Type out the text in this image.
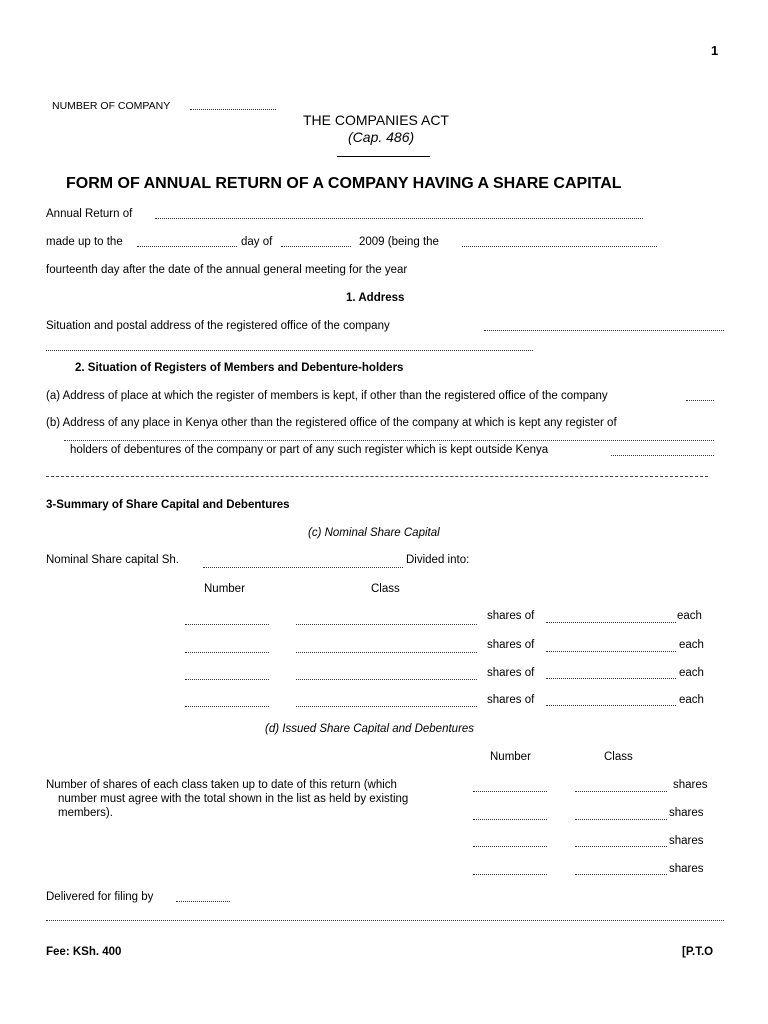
1
NUMBER OF COMPANY
THE COMPANIES ACT
(Cap. 486)
FORM OF ANNUAL RETURN OF A COMPANY HAVING A SHARE CAPITAL
Annual Return of
made up to the	day of	2009 (being the
fourteenth day after the date of the annual general meeting for the year
1. Address
Situation and postal address of the registered office of the company
2. Situation of Registers of Members and Debenture-holders
(a) Address of place at which the register of members is kept, if other than the registered office of the company
(b) Address of any place in Kenya other than the registered office of the company at which is kept any register of
holders of debentures of the company or part of any such register which is kept outside Kenya
3-Summary of Share Capital and Debentures
(c) Nominal Share Capital
Nominal Share capital Sh.	Divided into:
Number	Class
shares of	each
shares of	each
shares of	each
shares of	each
(d) Issued Share Capital and Debentures
Number	Class
Number of shares of each class taken up to date of this return (which
number must agree with the total shown in the list as held by existing
members).
shares
shares
shares
shares
Delivered for filing by
Fee: KSh. 400	[P.T.O
